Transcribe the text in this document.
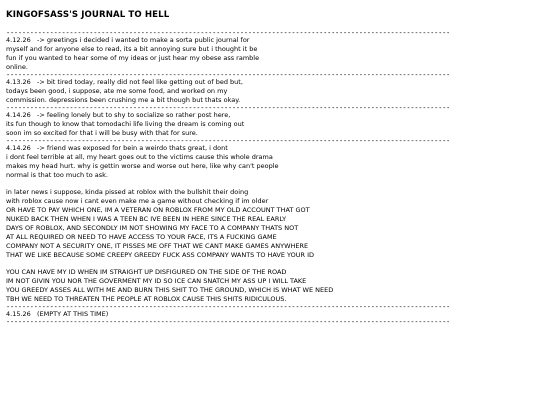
KINGOFSASS'S JOURNAL TO HELL
----------------------------------------------------------------------------------------------------------------
4.12.26   -> greetings i decided i wanted to make a sorta public journal for
myself and for anyone else to read, its a bit annoying sure but i thought it be
fun if you wanted to hear some of my ideas or just hear my obese ass ramble
online.
----------------------------------------------------------------------------------------------------------------
4.13.26   -> bit tired today, really did not feel like getting out of bed but,
todays been good, i suppose, ate me some food, and worked on my
commission. depressions been crushing me a bit though but thats okay.
----------------------------------------------------------------------------------------------------------------
4.14.26   -> feeling lonely but to shy to socialize so rather post here,
its fun though to know that tomodachi life living the dream is coming out
soon im so excited for that i will be busy with that for sure.
----------------------------------------------------------------------------------------------------------------
4.14.26   -> friend was exposed for bein a weirdo thats great, i dont
i dont feel terrible at all, my heart goes out to the victims cause this whole drama
makes my head hurt. why is gettin worse and worse out here, like why can't people
normal is that too much to ask.
in later news i suppose, kinda pissed at roblox with the bullshit their doing
with roblox cause now i cant even make me a game without checking if im older
OR HAVE TO PAY WHICH ONE, IM A VETERAN ON ROBLOX FROM MY OLD ACCOUNT THAT GOT
NUKED BACK THEN WHEN I WAS A TEEN BC IVE BEEN IN HERE SINCE THE REAL EARLY
DAYS OF ROBLOX, AND SECONDLY IM NOT SHOWING MY FACE TO A COMPANY THATS NOT
AT ALL REQUIRED OR NEED TO HAVE ACCESS TO YOUR FACE, ITS A FUCKING GAME
COMPANY NOT A SECURITY ONE, IT PISSES ME OFF THAT WE CANT MAKE GAMES ANYWHERE
THAT WE LIKE BECAUSE SOME CREEPY GREEDY FUCK ASS COMPANY WANTS TO HAVE YOUR ID
YOU CAN HAVE MY ID WHEN IM STRAIGHT UP DISFIGURED ON THE SIDE OF THE ROAD
IM NOT GIVIN YOU NOR THE GOVERMENT MY ID SO ICE CAN SNATCH MY ASS UP I WILL TAKE
YOU GREEDY ASSES ALL WITH ME AND BURN THIS SHIT TO THE GROUND, WHICH IS WHAT WE NEED
TBH WE NEED TO THREATEN THE PEOPLE AT ROBLOX CAUSE THIS SHITS RIDICULOUS.
----------------------------------------------------------------------------------------------------------------
4.15.26   (EMPTY AT THIS TIME)
----------------------------------------------------------------------------------------------------------------
